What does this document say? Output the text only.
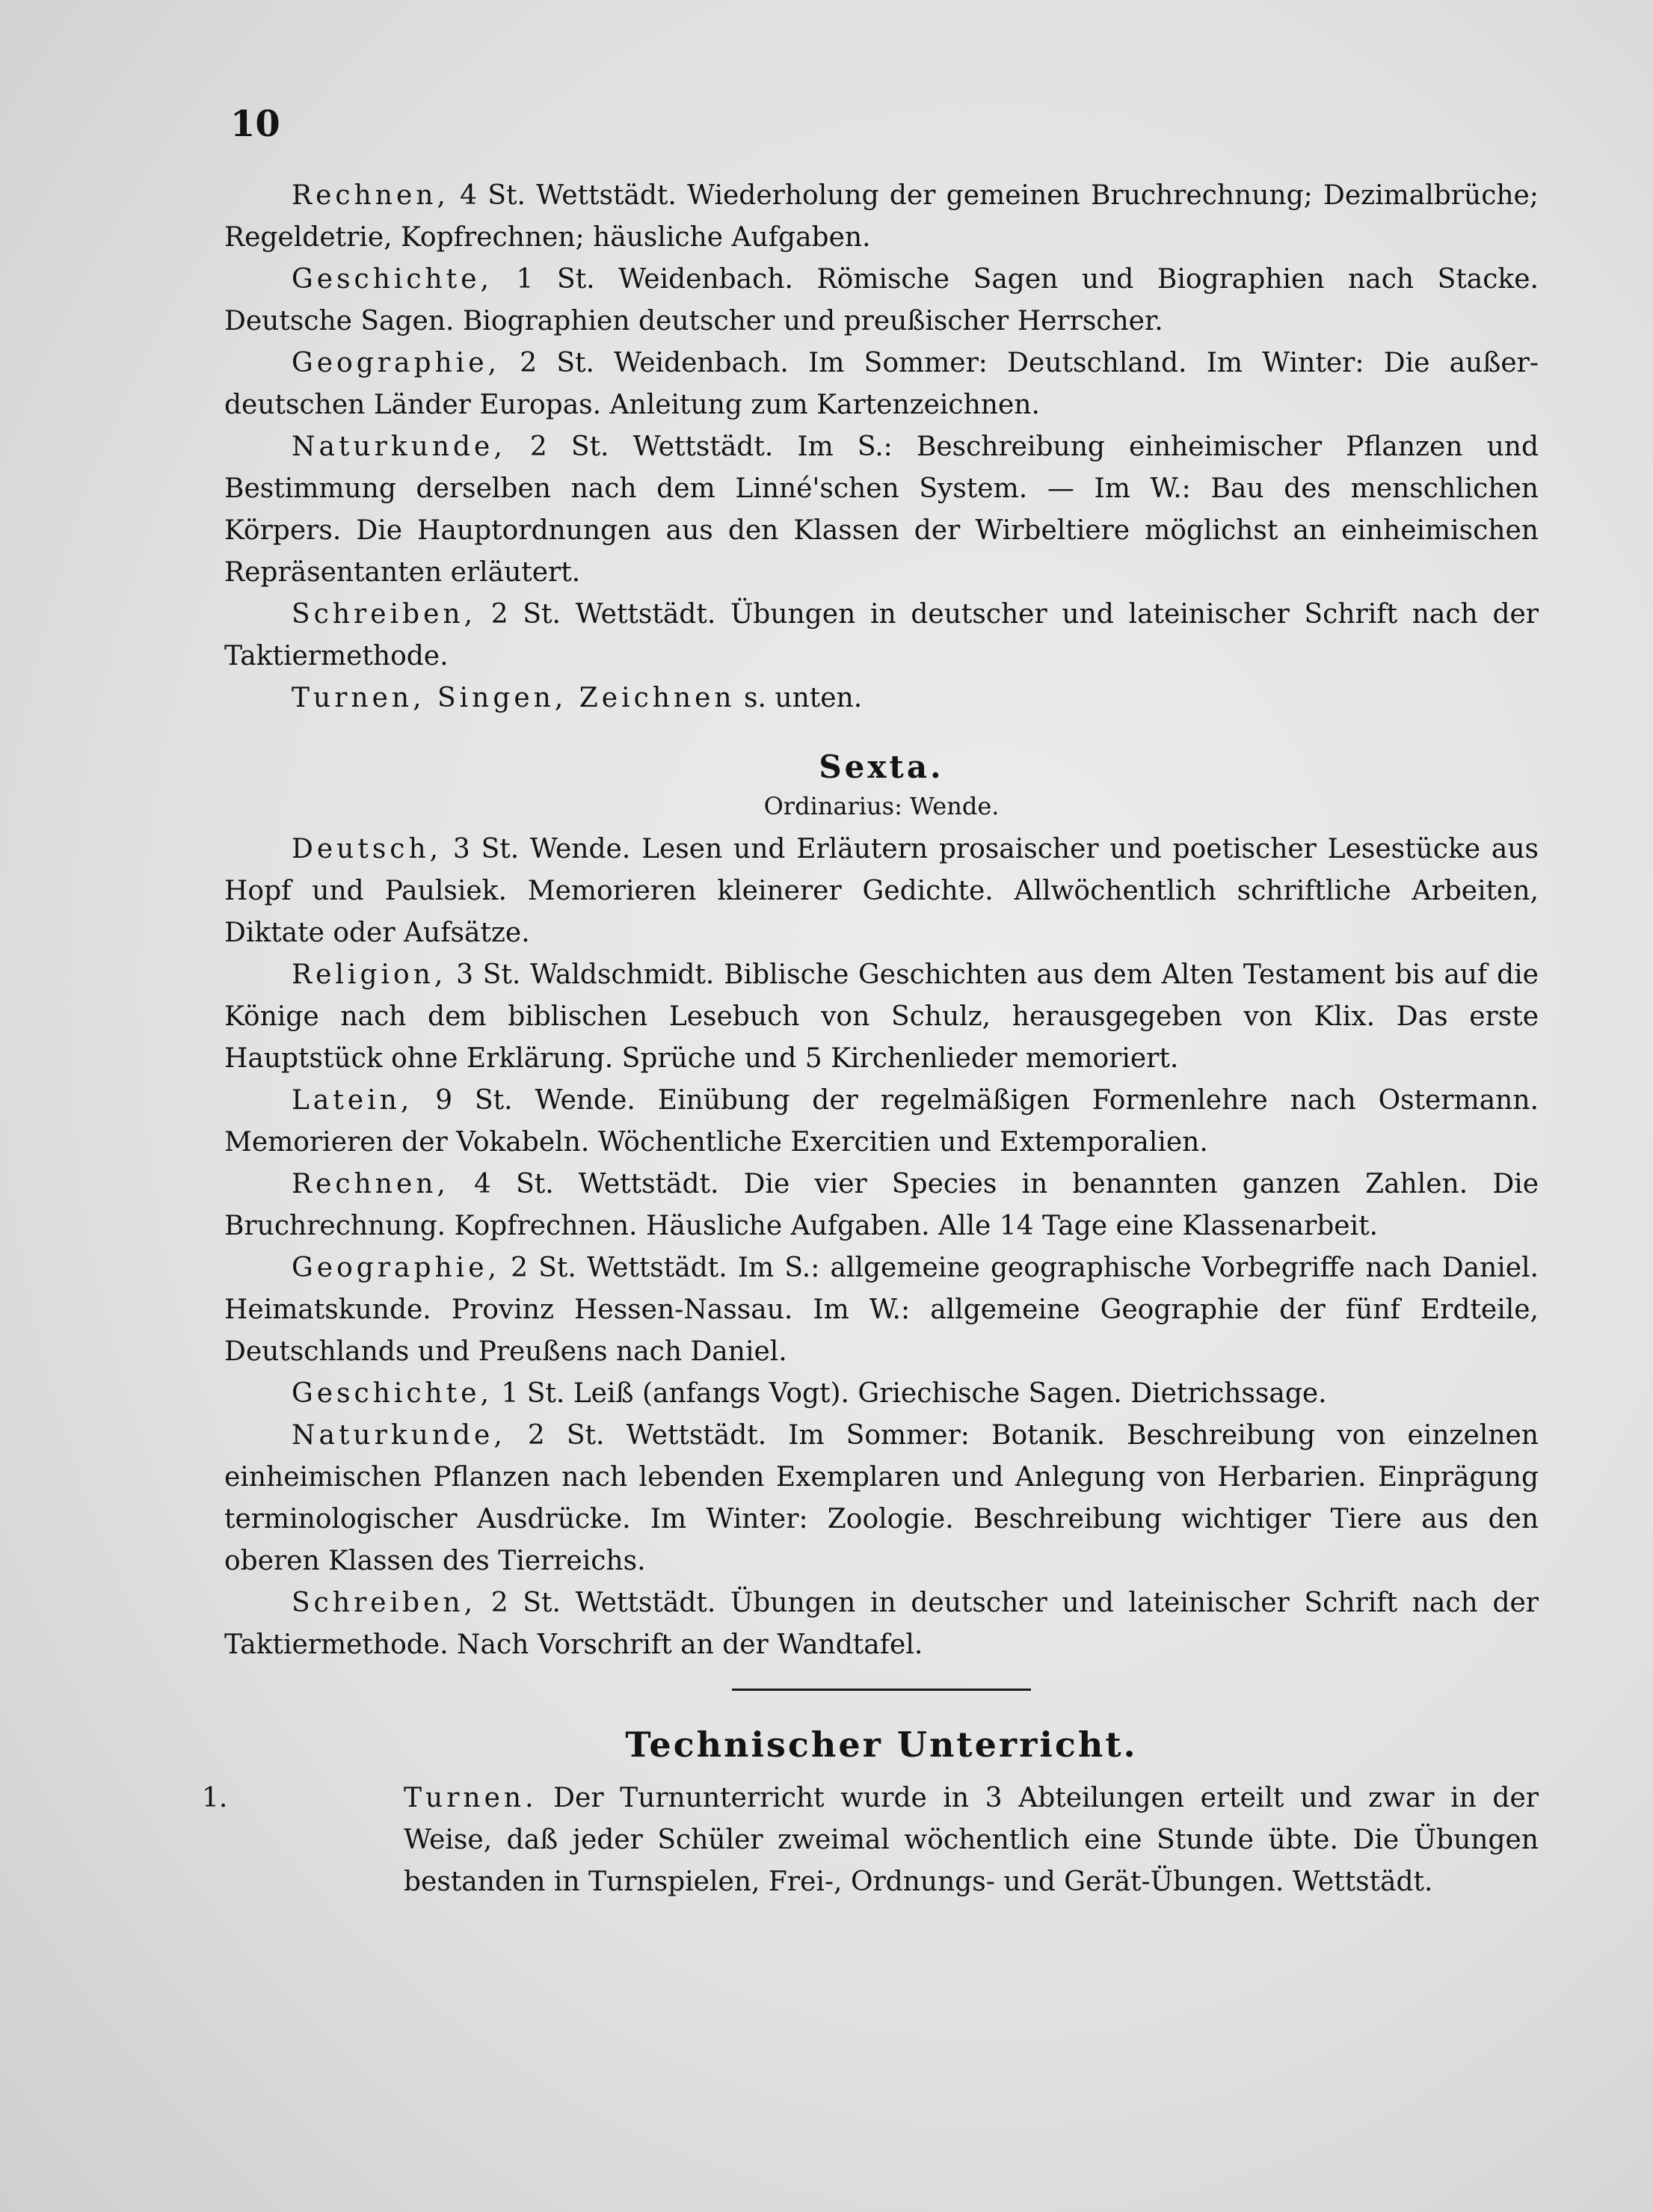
10

Rechnen, 4 St. Wettstädt. Wiederholung der gemeinen Bruchrechnung; Dezimalbrüche; Regeldetrie, Kopfrechnen; häusliche Aufgaben.

Geschichte, 1 St. Weidenbach. Römische Sagen und Biographien nach Stacke. Deutsche Sagen. Biographien deutscher und preußischer Herrscher.

Geographie, 2 St. Weidenbach. Im Sommer: Deutschland. Im Winter: Die außer-deutschen Länder Europas. Anleitung zum Kartenzeichnen.

Naturkunde, 2 St. Wettstädt. Im S.: Beschreibung einheimischer Pflanzen und Bestimmung derselben nach dem Linné'schen System. — Im W.: Bau des menschlichen Körpers. Die Hauptordnungen aus den Klassen der Wirbeltiere möglichst an einheimischen Repräsentanten erläutert.

Schreiben, 2 St. Wettstädt. Übungen in deutscher und lateinischer Schrift nach der Taktiermethode.

Turnen, Singen, Zeichnen s. unten.

Sexta.
Ordinarius: Wende.

Deutsch, 3 St. Wende. Lesen und Erläutern prosaischer und poetischer Lesestücke aus Hopf und Paulsiek. Memorieren kleinerer Gedichte. Allwöchentlich schriftliche Arbeiten, Diktate oder Aufsätze.

Religion, 3 St. Waldschmidt. Biblische Geschichten aus dem Alten Testament bis auf die Könige nach dem biblischen Lesebuch von Schulz, herausgegeben von Klix. Das erste Hauptstück ohne Erklärung. Sprüche und 5 Kirchenlieder memoriert.

Latein, 9 St. Wende. Einübung der regelmäßigen Formenlehre nach Ostermann. Memorieren der Vokabeln. Wöchentliche Exercitien und Extemporalien.

Rechnen, 4 St. Wettstädt. Die vier Species in benannten ganzen Zahlen. Die Bruchrechnung. Kopfrechnen. Häusliche Aufgaben. Alle 14 Tage eine Klassenarbeit.

Geographie, 2 St. Wettstädt. Im S.: allgemeine geographische Vorbegriffe nach Daniel. Heimatskunde. Provinz Hessen-Nassau. Im W.: allgemeine Geographie der fünf Erdteile, Deutschlands und Preußens nach Daniel.

Geschichte, 1 St. Leiß (anfangs Vogt). Griechische Sagen. Dietrichssage.

Naturkunde, 2 St. Wettstädt. Im Sommer: Botanik. Beschreibung von einzelnen einheimischen Pflanzen nach lebenden Exemplaren und Anlegung von Herbarien. Einprägung terminologischer Ausdrücke. Im Winter: Zoologie. Beschreibung wichtiger Tiere aus den oberen Klassen des Tierreichs.

Schreiben, 2 St. Wettstädt. Übungen in deutscher und lateinischer Schrift nach der Taktiermethode. Nach Vorschrift an der Wandtafel.

Technischer Unterricht.
1.	Turnen. Der Turnunterricht wurde in 3 Abteilungen erteilt und zwar in der Weise, daß jeder Schüler zweimal wöchentlich eine Stunde übte. Die Übungen bestanden in Turnspielen, Frei-, Ordnungs- und Gerät-Übungen. Wettstädt.
